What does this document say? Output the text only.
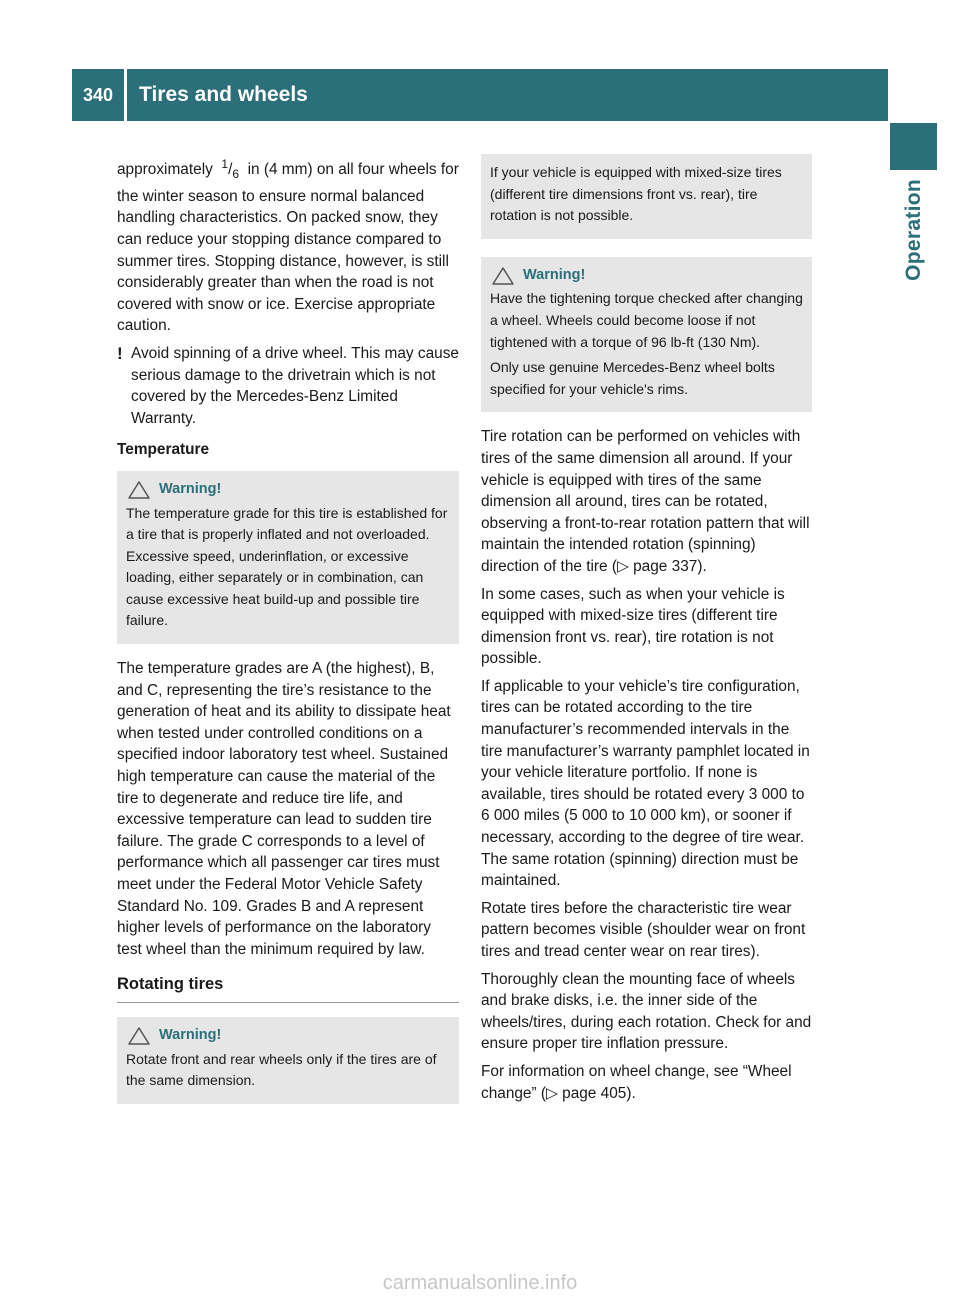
340	Tires and wheels
Operation

approximately $^1/_6$ in (4 mm) on all four wheels for the winter season to ensure normal balanced handling characteristics. On packed snow, they can reduce your stopping distance compared to summer tires. Stopping distance, however, is still considerably greater than when the road is not covered with snow or ice. Exercise appropriate caution.

! Avoid spinning of a drive wheel. This may cause serious damage to the drivetrain which is not covered by the Mercedes-Benz Limited Warranty.
Temperature
Warning!

The temperature grade for this tire is established for a tire that is properly inflated and not overloaded. Excessive speed, underinflation, or excessive loading, either separately or in combination, can cause excessive heat build-up and possible tire failure.

The temperature grades are A (the highest), B, and C, representing the tire’s resistance to the generation of heat and its ability to dissipate heat when tested under controlled conditions on a specified indoor laboratory test wheel. Sustained high temperature can cause the material of the tire to degenerate and reduce tire life, and excessive temperature can lead to sudden tire failure. The grade C corresponds to a level of performance which all passenger car tires must meet under the Federal Motor Vehicle Safety Standard No. 109. Grades B and A represent higher levels of performance on the laboratory test wheel than the minimum required by law.

Rotating tires
Warning!

Rotate front and rear wheels only if the tires are of the same dimension.

If your vehicle is equipped with mixed-size tires (different tire dimensions front vs. rear), tire rotation is not possible.

Warning!

Have the tightening torque checked after changing a wheel. Wheels could become loose if not tightened with a torque of 96 lb-ft (130 Nm).

Only use genuine Mercedes-Benz wheel bolts specified for your vehicle's rims.

Tire rotation can be performed on vehicles with tires of the same dimension all around. If your vehicle is equipped with tires of the same dimension all around, tires can be rotated, observing a front-to-rear rotation pattern that will maintain the intended rotation (spinning) direction of the tire (▷ page 337).

In some cases, such as when your vehicle is equipped with mixed-size tires (different tire dimension front vs. rear), tire rotation is not possible.

If applicable to your vehicle’s tire configuration, tires can be rotated according to the tire manufacturer’s recommended intervals in the tire manufacturer’s warranty pamphlet located in your vehicle literature portfolio. If none is available, tires should be rotated every 3 000 to 6 000 miles (5 000 to 10 000 km), or sooner if necessary, according to the degree of tire wear. The same rotation (spinning) direction must be maintained.

Rotate tires before the characteristic tire wear pattern becomes visible (shoulder wear on front tires and tread center wear on rear tires).

Thoroughly clean the mounting face of wheels and brake disks, i.e. the inner side of the wheels/tires, during each rotation. Check for and ensure proper tire inflation pressure.

For information on wheel change, see “Wheel change” (▷ page 405).

carmanualsonline.info
